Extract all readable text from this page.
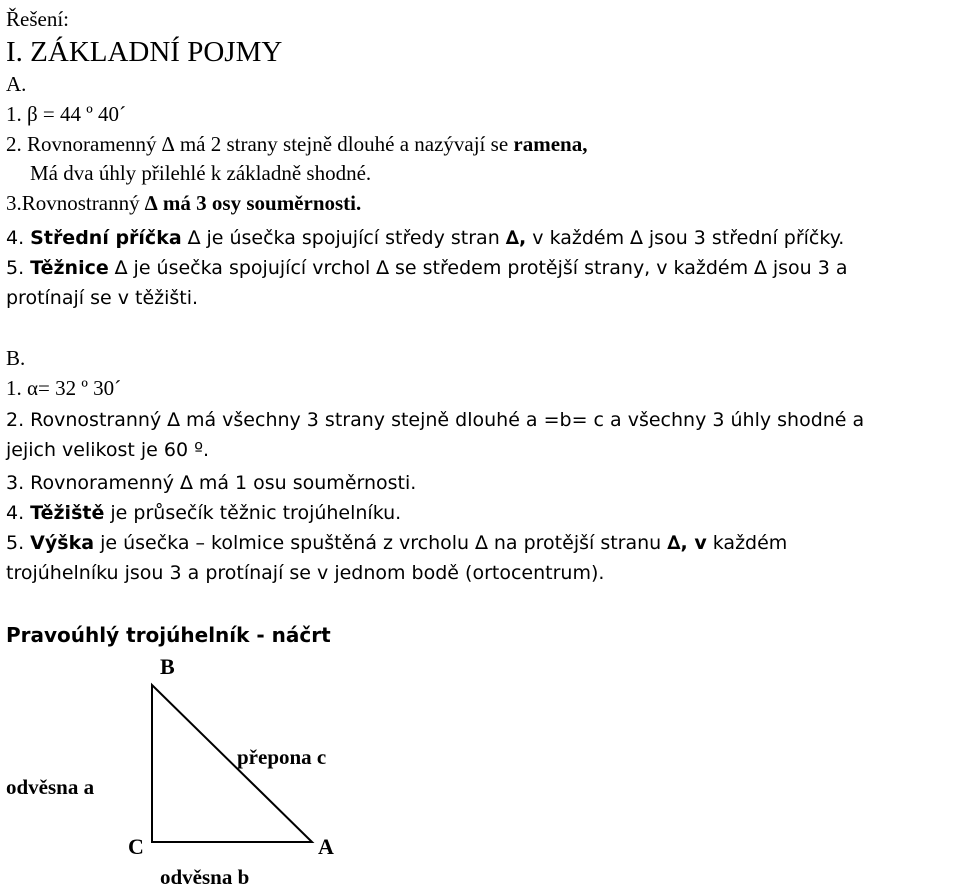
Řešení:
I. ZÁKLADNÍ POJMY
A.
1. β = 44 º 40´
2. Rovnoramenný ∆ má 2 strany stejně dlouhé a nazývají se ramena,
Má dva úhly přilehlé k základně shodné.
3.Rovnostranný ∆ má 3 osy souměrnosti.
4. Střední příčka ∆ je úsečka spojující středy stran ∆, v každém ∆ jsou 3 střední příčky.
5. Těžnice ∆ je úsečka spojující vrchol ∆ se středem protější strany, v každém ∆ jsou 3 a
protínají se v těžišti.
B.
1. α= 32 º 30´
2. Rovnostranný ∆ má všechny 3 strany stejně dlouhé a =b= c a všechny 3 úhly shodné a
jejich velikost je 60 º.
3. Rovnoramenný ∆ má 1 osu souměrnosti.
4. Těžiště je průsečík těžnic trojúhelníku.
5. Výška je úsečka – kolmice spuštěná z vrcholu ∆ na protější stranu ∆, v každém
trojúhelníku jsou 3 a protínají se v jednom bodě (ortocentrum).
Pravoúhlý trojúhelník - náčrt
B
přepona c
odvěsna a
C	A
odvěsna b
